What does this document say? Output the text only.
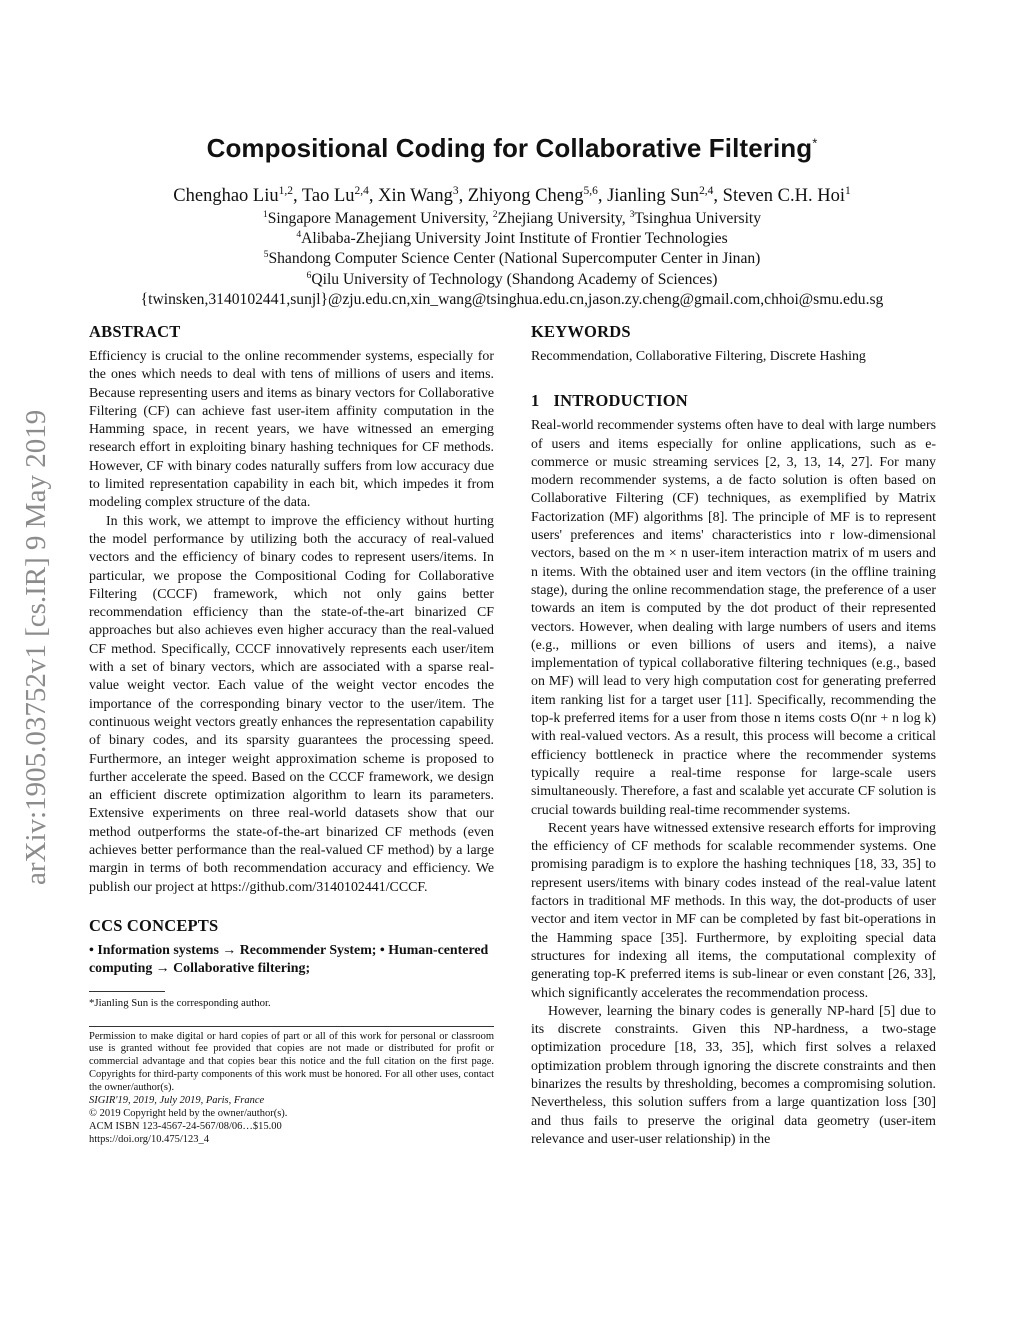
arXiv:1905.03752v1 [cs.IR] 9 May 2019
Compositional Coding for Collaborative Filtering*
Chenghao Liu$^{1,2}$, Tao Lu$^{2,4}$, Xin Wang$^3$, Zhiyong Cheng$^{5,6}$, Jianling Sun$^{2,4}$, Steven C.H. Hoi$^1$
$^1$Singapore Management University, $^2$Zhejiang University, $^3$Tsinghua University
$^4$Alibaba-Zhejiang University Joint Institute of Frontier Technologies
$^5$Shandong Computer Science Center (National Supercomputer Center in Jinan)
$^6$Qilu University of Technology (Shandong Academy of Sciences)
{twinsken,3140102441,sunjl}@zju.edu.cn,xin_wang@tsinghua.edu.cn,jason.zy.cheng@gmail.com,chhoi@smu.edu.sg
ABSTRACT

Efficiency is crucial to the online recommender systems, especially for the ones which needs to deal with tens of millions of users and items. Because representing users and items as binary vectors for Collaborative Filtering (CF) can achieve fast user-item affinity computation in the Hamming space, in recent years, we have witnessed an emerging research effort in exploiting binary hashing techniques for CF methods. However, CF with binary codes naturally suffers from low accuracy due to limited representation capability in each bit, which impedes it from modeling complex structure of the data.

In this work, we attempt to improve the efficiency without hurting the model performance by utilizing both the accuracy of real-valued vectors and the efficiency of binary codes to represent users/items. In particular, we propose the Compositional Coding for Collaborative Filtering (CCCF) framework, which not only gains better recommendation efficiency than the state-of-the-art binarized CF approaches but also achieves even higher accuracy than the real-valued CF method. Specifically, CCCF innovatively represents each user/item with a set of binary vectors, which are associated with a sparse real-value weight vector. Each value of the weight vector encodes the importance of the corresponding binary vector to the user/item. The continuous weight vectors greatly enhances the representation capability of binary codes, and its sparsity guarantees the processing speed. Furthermore, an integer weight approximation scheme is proposed to further accelerate the speed. Based on the CCCF framework, we design an efficient discrete optimization algorithm to learn its parameters. Extensive experiments on three real-world datasets show that our method outperforms the state-of-the-art binarized CF methods (even achieves better performance than the real-valued CF method) by a large margin in terms of both recommendation accuracy and efficiency. We publish our project at https://github.com/3140102441/CCCF.

CCS CONCEPTS

• Information systems → Recommender System; • Human-centered computing → Collaborative filtering;

*Jianling Sun is the corresponding author.

Permission to make digital or hard copies of part or all of this work for personal or classroom use is granted without fee provided that copies are not made or distributed for profit or commercial advantage and that copies bear this notice and the full citation on the first page. Copyrights for third-party components of this work must be honored. For all other uses, contact the owner/author(s).

SIGIR'19, 2019, July 2019, Paris, France

© 2019 Copyright held by the owner/author(s).

ACM ISBN 123-4567-24-567/08/06…$15.00

https://doi.org/10.475/123_4

KEYWORDS

Recommendation, Collaborative Filtering, Discrete Hashing

1 INTRODUCTION

Real-world recommender systems often have to deal with large numbers of users and items especially for online applications, such as e-commerce or music streaming services [2, 3, 13, 14, 27]. For many modern recommender systems, a de facto solution is often based on Collaborative Filtering (CF) techniques, as exemplified by Matrix Factorization (MF) algorithms [8]. The principle of MF is to represent users' preferences and items' characteristics into r low-dimensional vectors, based on the m × n user-item interaction matrix of m users and n items. With the obtained user and item vectors (in the offline training stage), during the online recommendation stage, the preference of a user towards an item is computed by the dot product of their represented vectors. However, when dealing with large numbers of users and items (e.g., millions or even billions of users and items), a naive implementation of typical collaborative filtering techniques (e.g., based on MF) will lead to very high computation cost for generating preferred item ranking list for a target user [11]. Specifically, recommending the top-k preferred items for a user from those n items costs O(nr + n log k) with real-valued vectors. As a result, this process will become a critical efficiency bottleneck in practice where the recommender systems typically require a real-time response for large-scale users simultaneously. Therefore, a fast and scalable yet accurate CF solution is crucial towards building real-time recommender systems.

Recent years have witnessed extensive research efforts for improving the efficiency of CF methods for scalable recommender systems. One promising paradigm is to explore the hashing techniques [18, 33, 35] to represent users/items with binary codes instead of the real-value latent factors in traditional MF methods. In this way, the dot-products of user vector and item vector in MF can be completed by fast bit-operations in the Hamming space [35]. Furthermore, by exploiting special data structures for indexing all items, the computational complexity of generating top-K preferred items is sub-linear or even constant [26, 33], which significantly accelerates the recommendation process.

However, learning the binary codes is generally NP-hard [5] due to its discrete constraints. Given this NP-hardness, a two-stage optimization procedure [18, 33, 35], which first solves a relaxed optimization problem through ignoring the discrete constraints and then binarizes the results by thresholding, becomes a compromising solution. Nevertheless, this solution suffers from a large quantization loss [30] and thus fails to preserve the original data geometry (user-item relevance and user-user relationship) in the
